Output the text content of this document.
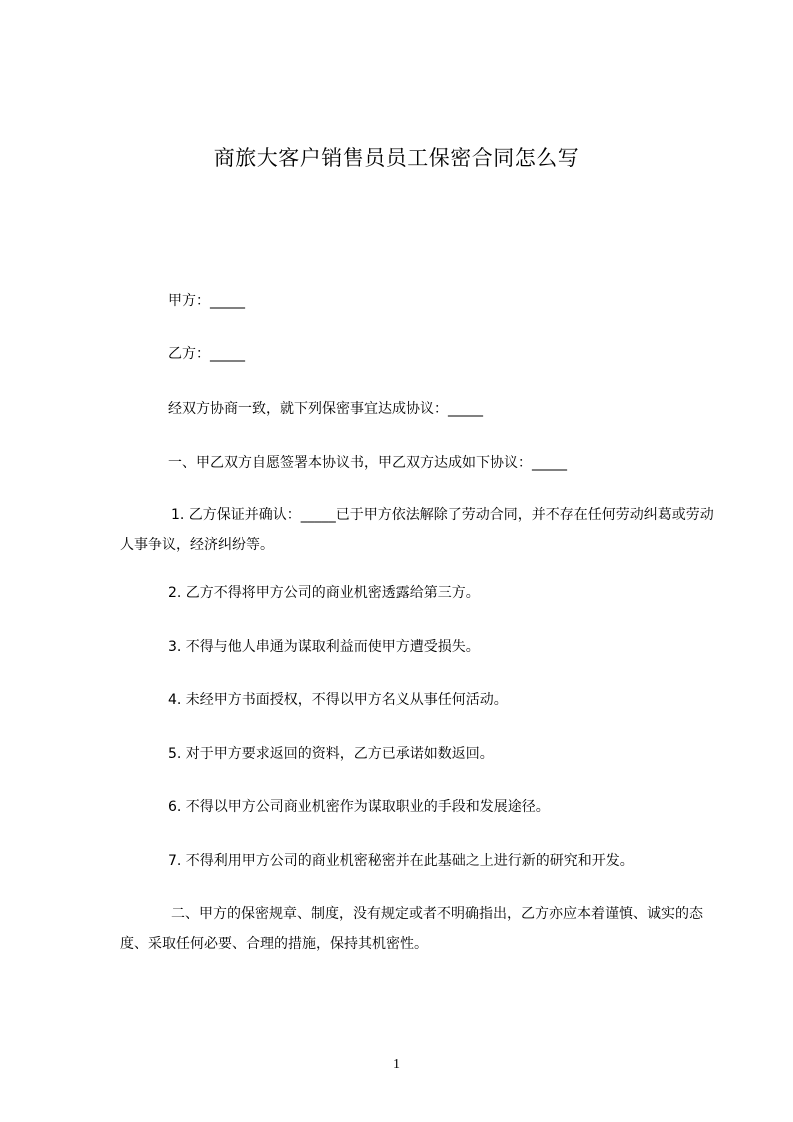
商旅大客户销售员员工保密合同怎么写

甲方：_____

乙方：_____

经双方协商一致，就下列保密事宜达成协议：_____

一、甲乙双方自愿签署本协议书，甲乙双方达成如下协议：_____

1. 乙方保证并确认：_____已于甲方依法解除了劳动合同，并不存在任何劳动纠葛或劳动人事争议，经济纠纷等。

2. 乙方不得将甲方公司的商业机密透露给第三方。

3. 不得与他人串通为谋取利益而使甲方遭受损失。

4. 未经甲方书面授权，不得以甲方名义从事任何活动。

5. 对于甲方要求返回的资料，乙方已承诺如数返回。

6. 不得以甲方公司商业机密作为谋取职业的手段和发展途径。

7. 不得利用甲方公司的商业机密秘密并在此基础之上进行新的研究和开发。

二、甲方的保密规章、制度，没有规定或者不明确指出，乙方亦应本着谨慎、诚实的态度、采取任何必要、合理的措施，保持其机密性。

1
